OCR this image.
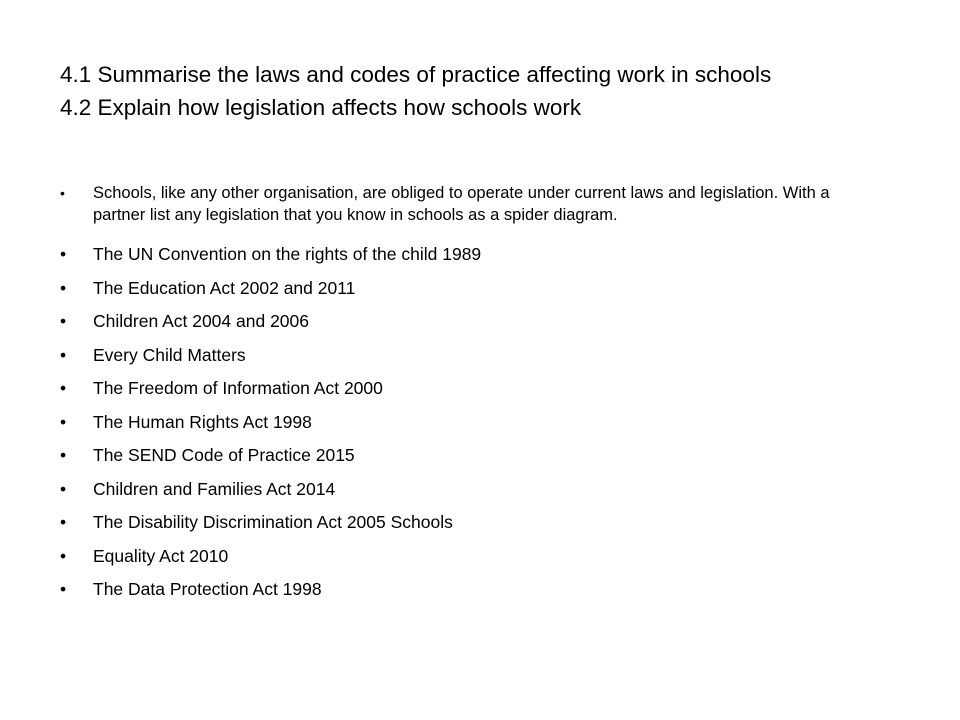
4.1 Summarise the laws and codes of practice affecting work in schools
4.2 Explain how legislation affects how schools work
• Schools, like any other organisation, are obliged to operate under current laws and legislation. With a partner list any legislation that you know in schools as a spider diagram.
• The UN Convention on the rights of the child 1989
• The Education Act 2002 and 2011
• Children Act 2004 and 2006
• Every Child Matters
• The Freedom of Information Act 2000
• The Human Rights Act 1998
• The SEND Code of Practice 2015
• Children and Families Act 2014
• The Disability Discrimination Act 2005 Schools
• Equality Act 2010
• The Data Protection Act 1998
